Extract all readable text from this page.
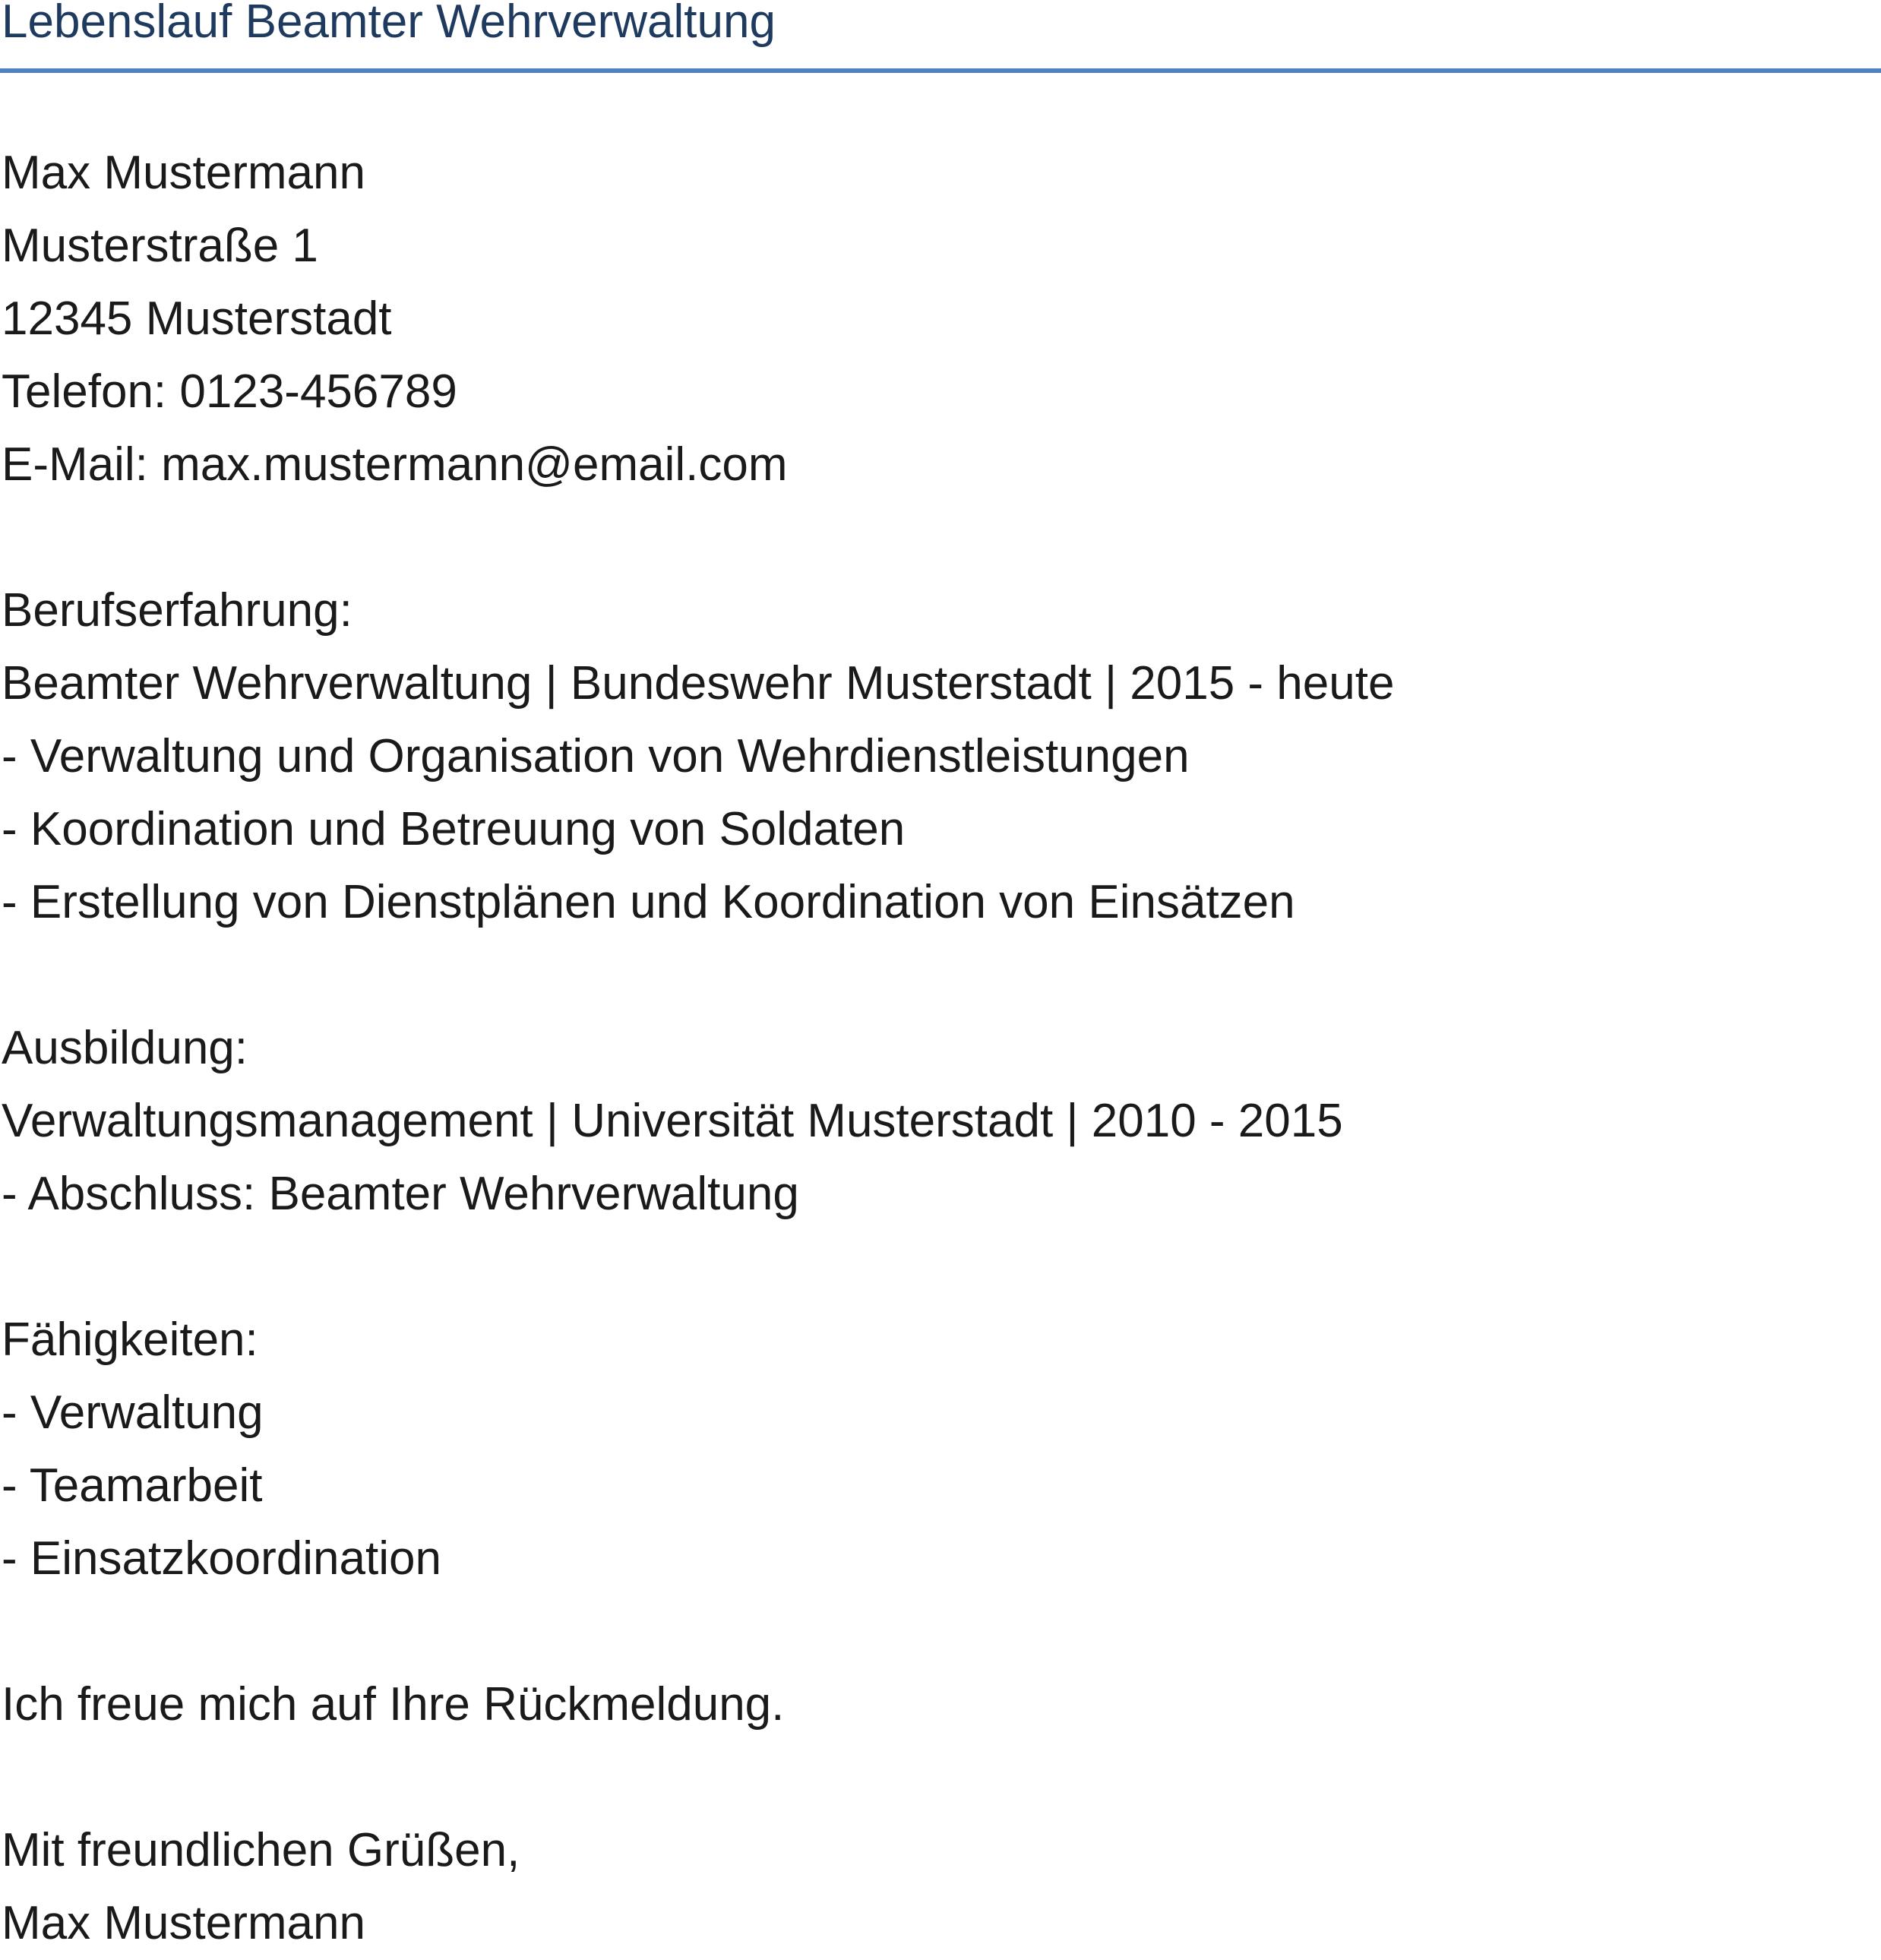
Lebenslauf Beamter Wehrverwaltung
Max Mustermann
Musterstraße 1
12345 Musterstadt
Telefon: 0123-456789
E-Mail: max.mustermann@email.com
Berufserfahrung:
Beamter Wehrverwaltung | Bundeswehr Musterstadt | 2015 - heute
- Verwaltung und Organisation von Wehrdienstleistungen
- Koordination und Betreuung von Soldaten
- Erstellung von Dienstplänen und Koordination von Einsätzen
Ausbildung:
Verwaltungsmanagement | Universität Musterstadt | 2010 - 2015
- Abschluss: Beamter Wehrverwaltung
Fähigkeiten:
- Verwaltung
- Teamarbeit
- Einsatzkoordination
Ich freue mich auf Ihre Rückmeldung.
Mit freundlichen Grüßen,
Max Mustermann
